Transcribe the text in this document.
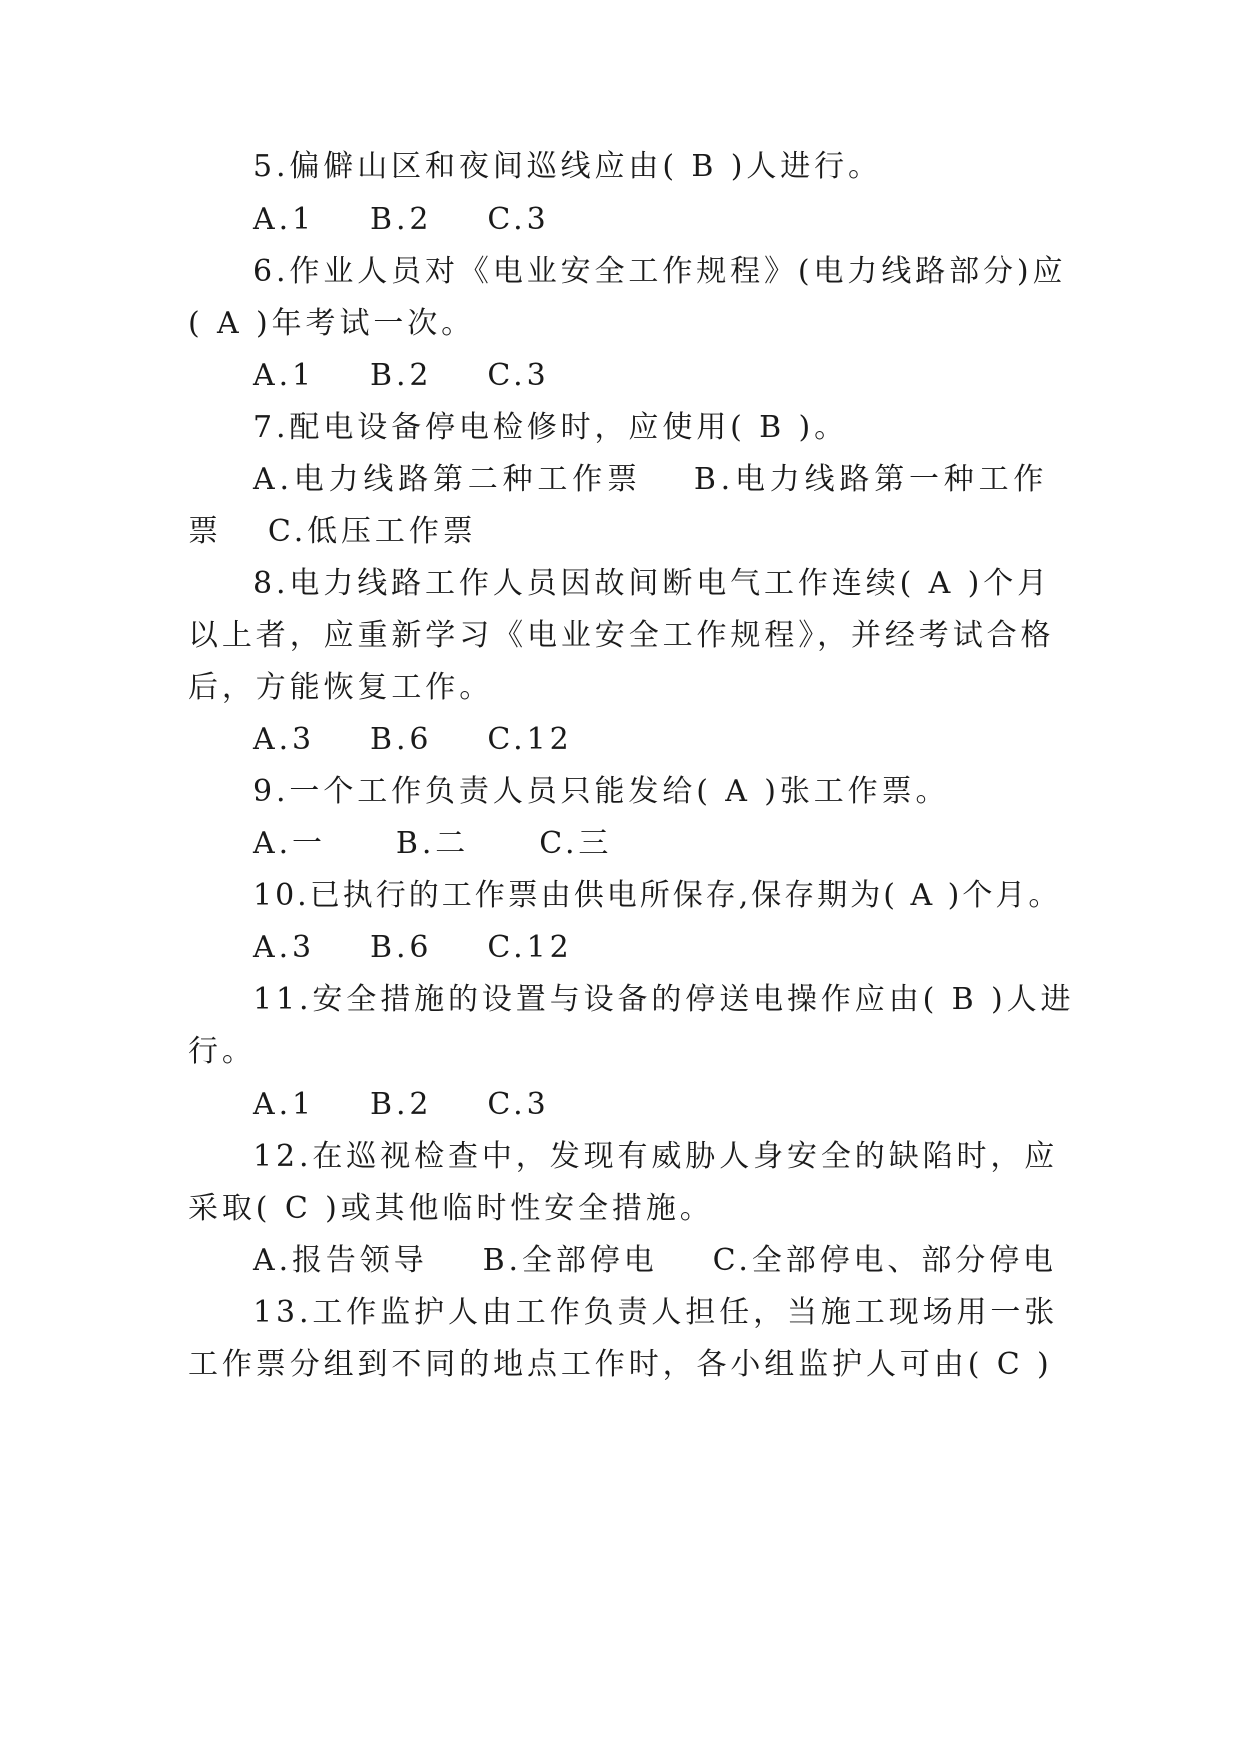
5.偏僻山区和夜间巡线应由( B )人进行。
A.1 B.2 C.3
6.作业人员对《电业安全工作规程》(电力线路部分)应
( A )年考试一次。
A.1 B.2 C.3
7.配电设备停电检修时，应使用( B )。
A.电力线路第二种工作票 B.电力线路第一种工作
票 C.低压工作票
8.电力线路工作人员因故间断电气工作连续( A )个月
以上者，应重新学习《电业安全工作规程》，并经考试合格
后，方能恢复工作。
A.3 B.6 C.12
9.一个工作负责人员只能发给( A )张工作票。
A.一 B.二 C.三
10.已执行的工作票由供电所保存,保存期为( A )个月。
A.3 B.6 C.12
11.安全措施的设置与设备的停送电操作应由( B )人进
行。
A.1 B.2 C.3
12.在巡视检查中，发现有威胁人身安全的缺陷时，应
采取( C )或其他临时性安全措施。
A.报告领导 B.全部停电 C.全部停电、部分停电
13.工作监护人由工作负责人担任，当施工现场用一张
工作票分组到不同的地点工作时，各小组监护人可由( C )
